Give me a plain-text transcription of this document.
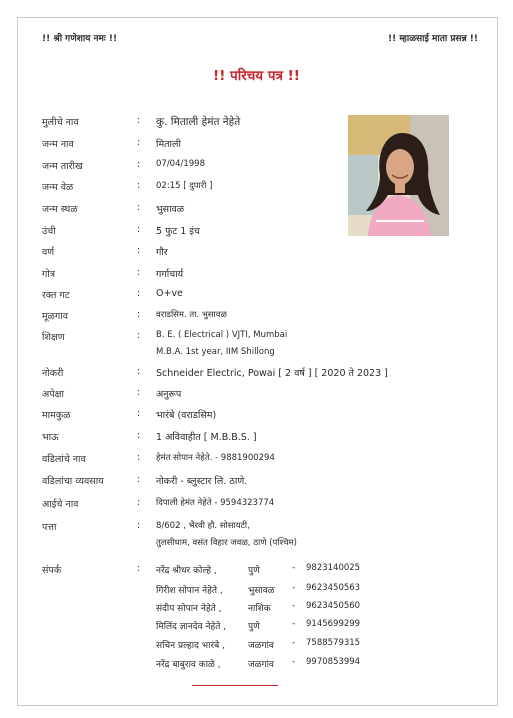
!! श्री गणेशाय नमः !!	!! म्हाळसाई माता प्रसन्न !!
!! परिचय पत्र !!
मुलीचे नाव	: कु. मिताली हेमंत नेहेते
जन्म नाव	: मिताली
जन्म तारीख	: 07/04/1998
जन्म वेळ	: 02:15 [ दुपारी ]
जन्म स्थळ	: भुसावळ
उंची	: 5 फुट 1 इंच
वर्ण	: गौर
गोत्र	: गर्गाचार्य
रक्त गट	: O+ve
मूळगाव	: वराडसिम. ता. भुसावळ
शिक्षण	: B. E. ( Electrical ) VJTI, Mumbai
M.B.A. 1st year, IIM Shillong
नोकरी	: Schneider Electric, Powai [ 2 वर्ष ] [ 2020 ते 2023 ]
अपेक्षा	: अनुरूप
मामकुळ	: भारंबे (वराडसिम)
भाऊ	: 1 अविवाहीत [ M.B.B.S. ]
वडिलांचे नाव	: हेमंत सोपान नेहेते. - 9881900294
वडिलांचा व्यवसाय	: नोकरी - ब्लुस्टार लि. ठाणे.
आईचे नाव	: दिपाली हेमंत नेहेते - 9594323774
पत्ता	: 8/602 , भैरवी हौ. सोसायटी,
तुलसीधाम, वसंत विहार जवळ, ठाणे (पश्चिम)
संपर्क	: नरेंद्र श्रीधर कोल्हे ,	पुणे	- 9823140025
गिरीश सोपान नेहेते ,	भुसावळ - 9623450563
संदीप सोपान नेहेते ,	नाशिक - 9623450560
मिलिंद ज्ञानदेव नेहेते , पुणे	- 9145699299
सचिन प्रल्हाद भारंबे ,	जळगांव - 7588579315
नरेंद्र बाबुराव काळे ,	जळगांव - 9970853994
